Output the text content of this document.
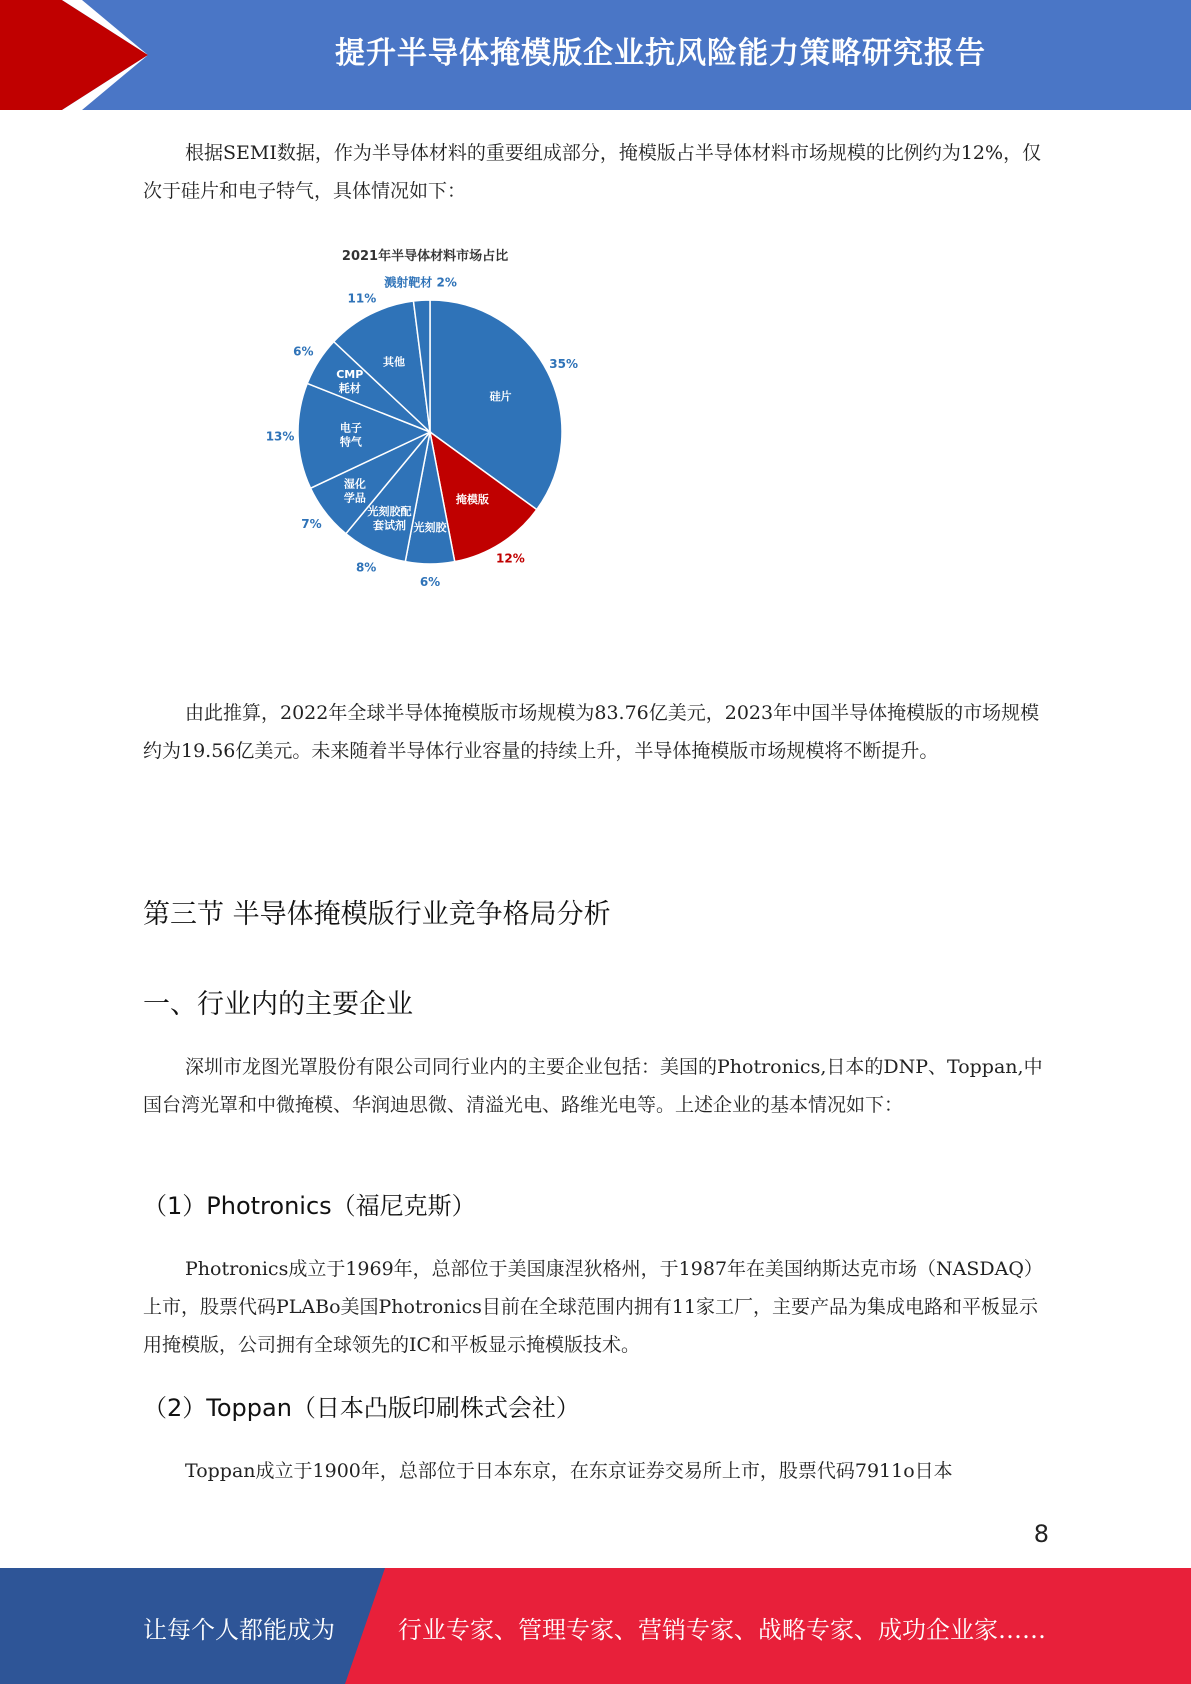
提升半导体掩模版企业抗风险能力策略研究报告

根据SEMI数据，作为半导体材料的重要组成部分，掩模版占半导体材料市场规模的比例约为12%，仅次于硅片和电子特气，具体情况如下：

2021年半导体材料市场占比
硅片
35%
掩模版
12%
光刻胶
6%
光刻胶配套试剂
8%
湿化学品
7%
电子特气
13%
CMP 耗材
6%
其他
11%
溅射靶材 2%

由此推算，2022年全球半导体掩模版市场规模为83.76亿美元，2023年中国半导体掩模版的市场规模约为19.56亿美元。未来随着半导体行业容量的持续上升，半导体掩模版市场规模将不断提升。

第三节 半导体掩模版行业竞争格局分析
一、行业内的主要企业

深圳市龙图光罩股份有限公司同行业内的主要企业包括：美国的Photronics,日本的DNP、Toppan,中国台湾光罩和中微掩模、华润迪思微、清溢光电、路维光电等。上述企业的基本情况如下：

（1）Photronics（福尼克斯）

Photronics成立于1969年，总部位于美国康涅狄格州，于1987年在美国纳斯达克市场（NASDAQ）上市，股票代码PLABo美国Photronics目前在全球范围内拥有11家工厂，主要产品为集成电路和平板显示用掩模版，公司拥有全球领先的IC和平板显示掩模版技术。

（2）Toppan（日本凸版印刷株式会社）

Toppan成立于1900年，总部位于日本东京，在东京证券交易所上市，股票代码7911o日本

8
让每个人都能成为	行业专家、管理专家、营销专家、战略专家、成功企业家……
